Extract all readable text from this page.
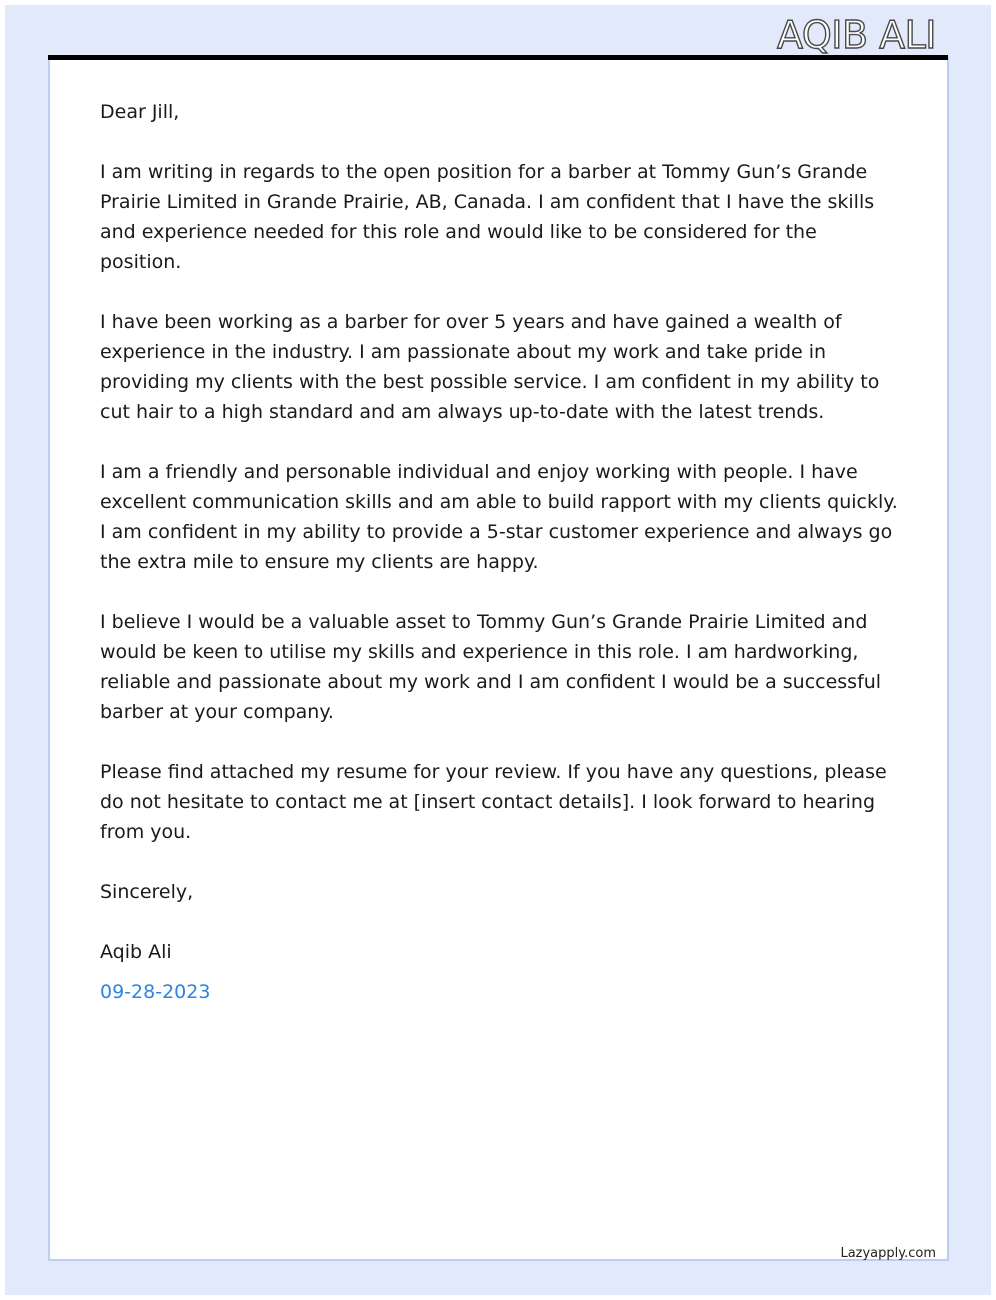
AQIB ALI

Dear Jill,

I am writing in regards to the open position for a barber at Tommy Gun’s Grande Prairie Limited in Grande Prairie, AB, Canada. I am confident that I have the skills and experience needed for this role and would like to be considered for the position.

I have been working as a barber for over 5 years and have gained a wealth of experience in the industry. I am passionate about my work and take pride in providing my clients with the best possible service. I am confident in my ability to cut hair to a high standard and am always up-to-date with the latest trends.

I am a friendly and personable individual and enjoy working with people. I have excellent communication skills and am able to build rapport with my clients quickly. I am confident in my ability to provide a 5-star customer experience and always go the extra mile to ensure my clients are happy.

I believe I would be a valuable asset to Tommy Gun’s Grande Prairie Limited and would be keen to utilise my skills and experience in this role. I am hardworking, reliable and passionate about my work and I am confident I would be a successful barber at your company.

Please find attached my resume for your review. If you have any questions, please do not hesitate to contact me at [insert contact details]. I look forward to hearing from you.

Sincerely,

Aqib Ali

09-28-2023

Lazyapply.com
